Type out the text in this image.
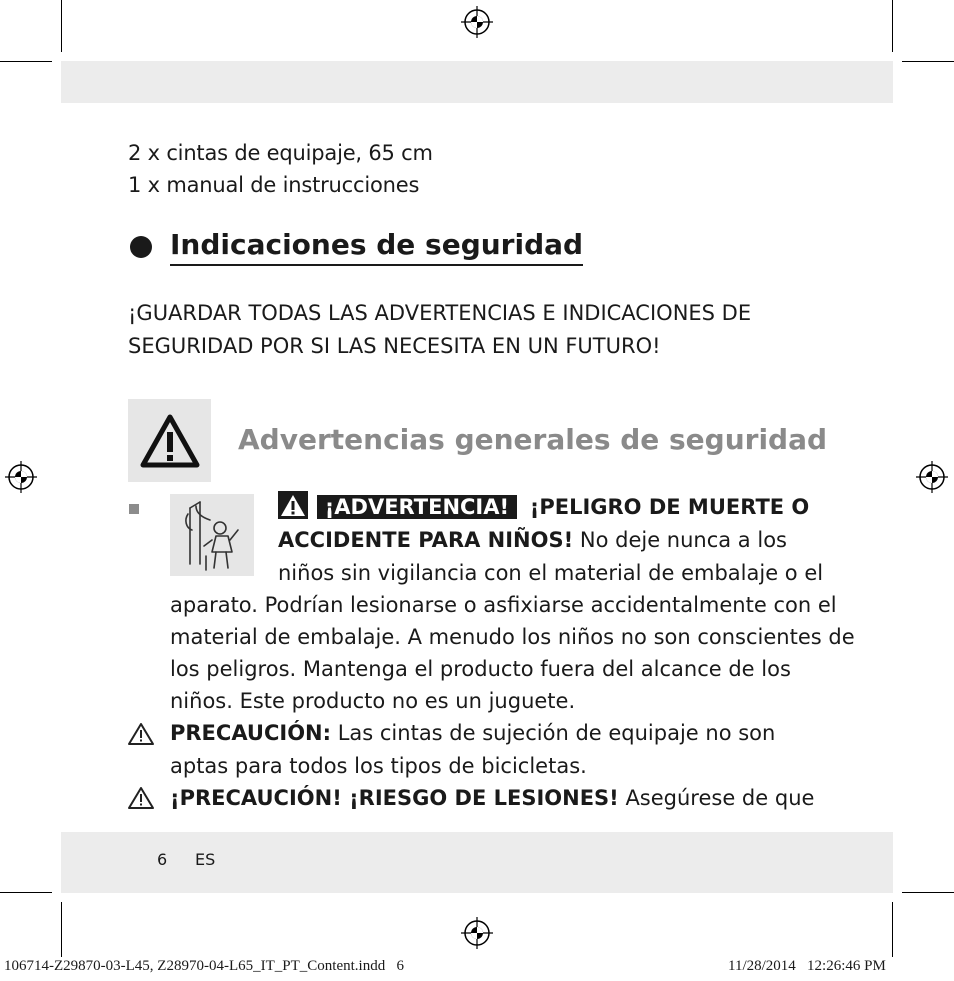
2 x cintas de equipaje, 65 cm
1 x manual de instrucciones
Indicaciones de seguridad
¡GUARDAR TODAS LAS ADVERTENCIAS E INDICACIONES DE SEGURIDAD POR SI LAS NECESITA EN UN FUTURO!
Advertencias generales de seguridad
¡ADVERTENCIA! ¡PELIGRO DE MUERTE O
ACCIDENTE PARA NIÑOS! No deje nunca a los
niños sin vigilancia con el material de embalaje o el
aparato. Podrían lesionarse o asfixiarse accidentalmente con el
material de embalaje. A menudo los niños no son conscientes de
los peligros. Mantenga el producto fuera del alcance de los
niños. Este producto no es un juguete.
PRECAUCIÓN: Las cintas de sujeción de equipaje no son
aptas para todos los tipos de bicicletas.
¡PRECAUCIÓN! ¡RIESGO DE LESIONES! Asegúrese de que
6 ES
106714-Z29870-03-L45, Z28970-04-L65_IT_PT_Content.indd   6	11/28/2014   12:26:46 PM
